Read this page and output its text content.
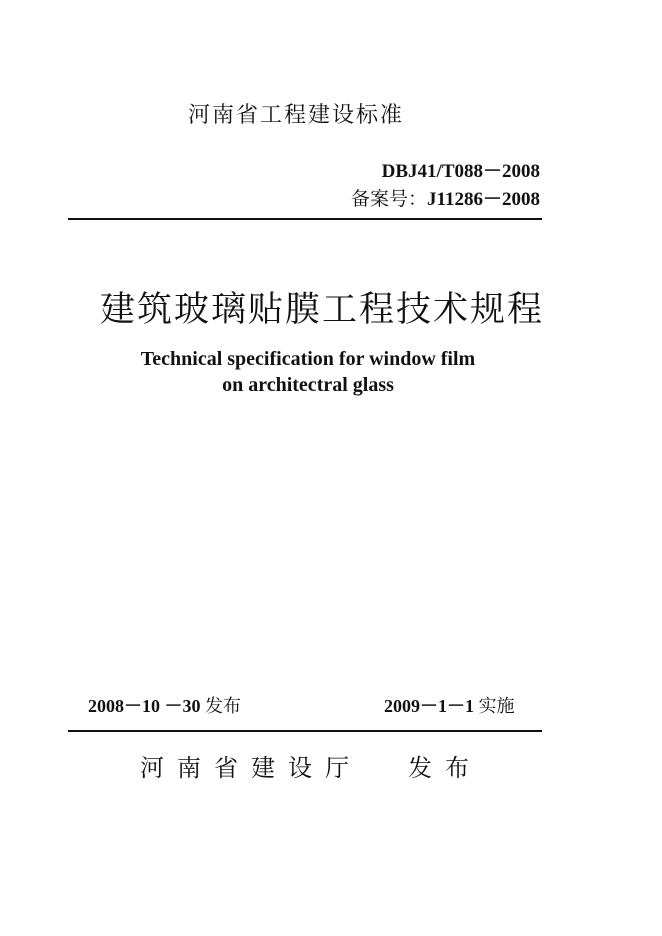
河南省工程建设标准
DBJ41/T088－2008
备案号：J11286－2008
建筑玻璃贴膜工程技术规程
Technical specification for window film
on architectral glass
2008－10 －30 发布	2009－1－1 实施
河南省建设厅 发布
